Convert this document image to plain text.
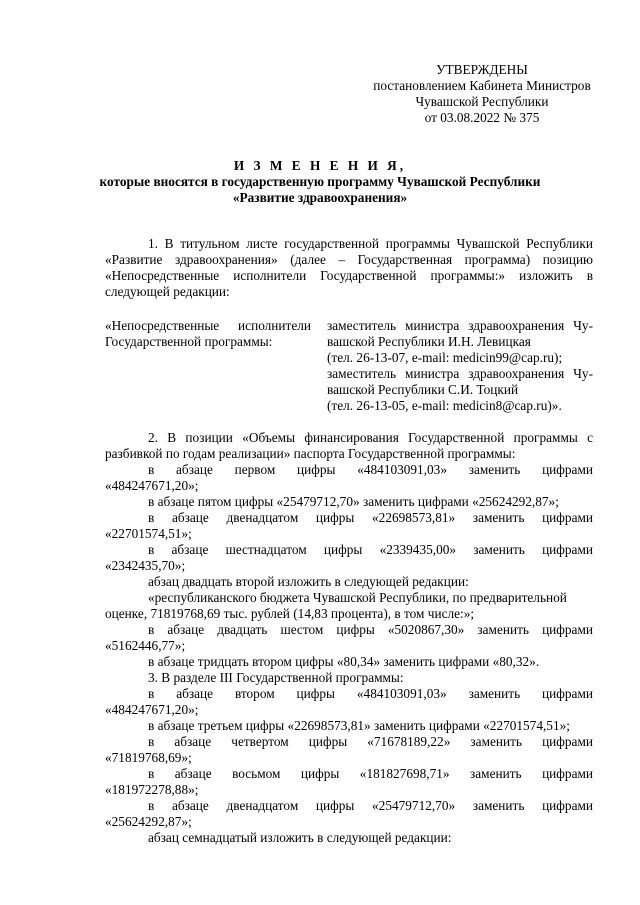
УТВЕРЖДЕНЫ
постановлением Кабинета Министров
Чувашской Республики
от 03.08.2022 № 375
И З М Е Н Е Н И Я,
которые вносятся в государственную программу Чувашской Республики
«Развитие здравоохранения»
1. В титульном листе государственной программы Чувашской Республики
«Развитие здравоохранения» (далее – Государственная программа) позицию
«Непосредственные исполнители Государственной программы:» изложить в
следующей редакции:
«Непосредственные исполнители
Государственной программы:
заместитель министра здравоохранения Чу-
вашской Республики И.Н. Левицкая
(тел. 26-13-07, e-mail: medicin99@cap.ru);
заместитель министра здравоохранения Чу-
вашской Республики С.И. Тоцкий
(тел. 26-13-05, e-mail: medicin8@cap.ru)».
2. В позиции «Объемы финансирования Государственной программы с
разбивкой по годам реализации» паспорта Государственной программы:
в абзаце первом цифры «484103091,03» заменить цифрами
«484247671,20»;
в абзаце пятом цифры «25479712,70» заменить цифрами «25624292,87»;
в абзаце двенадцатом цифры «22698573,81» заменить цифрами
«22701574,51»;
в абзаце шестнадцатом цифры «2339435,00» заменить цифрами
«2342435,70»;
абзац двадцать второй изложить в следующей редакции:
«республиканского бюджета Чувашской Республики, по предварительной
оценке, 71819768,69 тыс. рублей (14,83 процента), в том числе:»;
в абзаце двадцать шестом цифры «5020867,30» заменить цифрами
«5162446,77»;
в абзаце тридцать втором цифры «80,34» заменить цифрами «80,32».
3. В разделе III Государственной программы:
в абзаце втором цифры «484103091,03» заменить цифрами
«484247671,20»;
в абзаце третьем цифры «22698573,81» заменить цифрами «22701574,51»;
в абзаце четвертом цифры «71678189,22» заменить цифрами
«71819768,69»;
в абзаце восьмом цифры «181827698,71» заменить цифрами
«181972278,88»;
в абзаце двенадцатом цифры «25479712,70» заменить цифрами
«25624292,87»;
абзац семнадцатый изложить в следующей редакции:
